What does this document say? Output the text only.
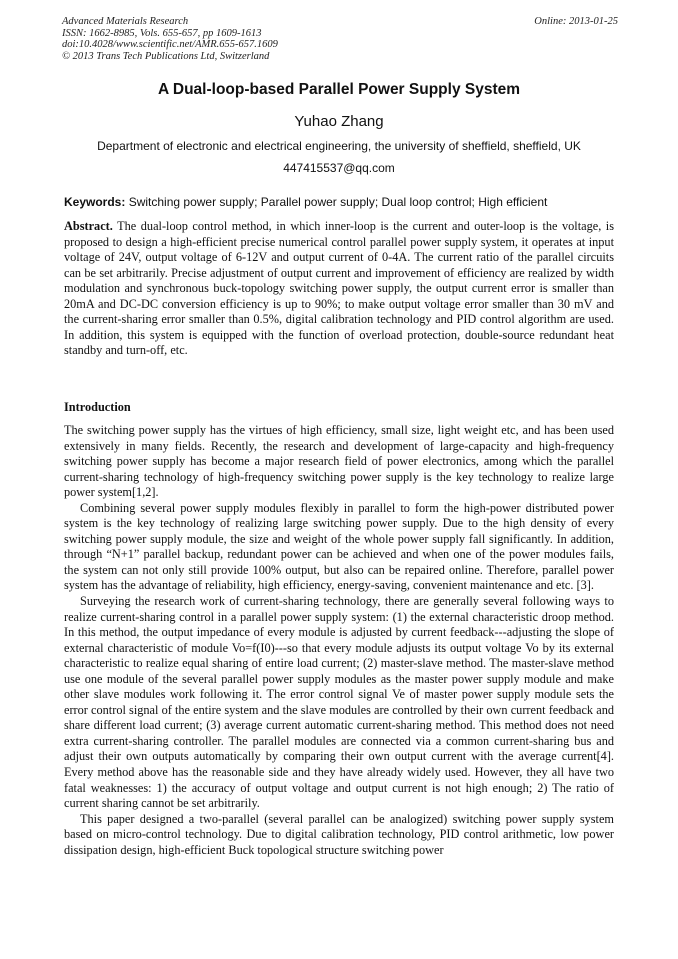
Advanced Materials Research
ISSN: 1662-8985, Vols. 655-657, pp 1609-1613
doi:10.4028/www.scientific.net/AMR.655-657.1609
© 2013 Trans Tech Publications Ltd, Switzerland
Online: 2013-01-25
A Dual-loop-based Parallel Power Supply System
Yuhao Zhang
Department of electronic and electrical engineering, the university of sheffield, sheffield, UK
447415537@qq.com
Keywords: Switching power supply; Parallel power supply; Dual loop control; High efficient
Abstract. The dual-loop control method, in which inner-loop is the current and outer-loop is the voltage, is proposed to design a high-efficient precise numerical control parallel power supply system, it operates at input voltage of 24V, output voltage of 6-12V and output current of 0-4A. The current ratio of the parallel circuits can be set arbitrarily. Precise adjustment of output current and improvement of efficiency are realized by width modulation and synchronous buck-topology switching power supply, the output current error is smaller than 20mA and DC-DC conversion efficiency is up to 90%; to make output voltage error smaller than 30 mV and the current-sharing error smaller than 0.5%, digital calibration technology and PID control algorithm are used. In addition, this system is equipped with the function of overload protection, double-source redundant heat standby and turn-off, etc.
Introduction

The switching power supply has the virtues of high efficiency, small size, light weight etc, and has been used extensively in many fields. Recently, the research and development of large-capacity and high-frequency switching power supply has become a major research field of power electronics, among which the parallel current-sharing technology of high-frequency switching power supply is the key technology to realize large power system[1,2].

Combining several power supply modules flexibly in parallel to form the high-power distributed power system is the key technology of realizing large switching power supply. Due to the high density of every switching power supply module, the size and weight of the whole power supply fall significantly. In addition, through “N+1” parallel backup, redundant power can be achieved and when one of the power modules fails, the system can not only still provide 100% output, but also can be repaired online. Therefore, parallel power system has the advantage of reliability, high efficiency, energy-saving, convenient maintenance and etc. [3].

Surveying the research work of current-sharing technology, there are generally several following ways to realize current-sharing control in a parallel power supply system: (1) the external characteristic droop method. In this method, the output impedance of every module is adjusted by current feedback---adjusting the slope of external characteristic of module Vo=f(I0)---so that every module adjusts its output voltage Vo by its external characteristic to realize equal sharing of entire load current; (2) master-slave method. The master-slave method use one module of the several parallel power supply modules as the master power supply module and make other slave modules work following it. The error control signal Ve of master power supply module sets the error control signal of the entire system and the slave modules are controlled by their own current feedback and share different load current; (3) average current automatic current-sharing method. This method does not need extra current-sharing controller. The parallel modules are connected via a common current-sharing bus and adjust their own outputs automatically by comparing their own output current with the average current[4]. Every method above has the reasonable side and they have already widely used. However, they all have two fatal weaknesses: 1) the accuracy of output voltage and output current is not high enough; 2) The ratio of current sharing cannot be set arbitrarily.

This paper designed a two-parallel (several parallel can be analogized) switching power supply system based on micro-control technology. Due to digital calibration technology, PID control arithmetic, low power dissipation design, high-efficient Buck topological structure switching power
